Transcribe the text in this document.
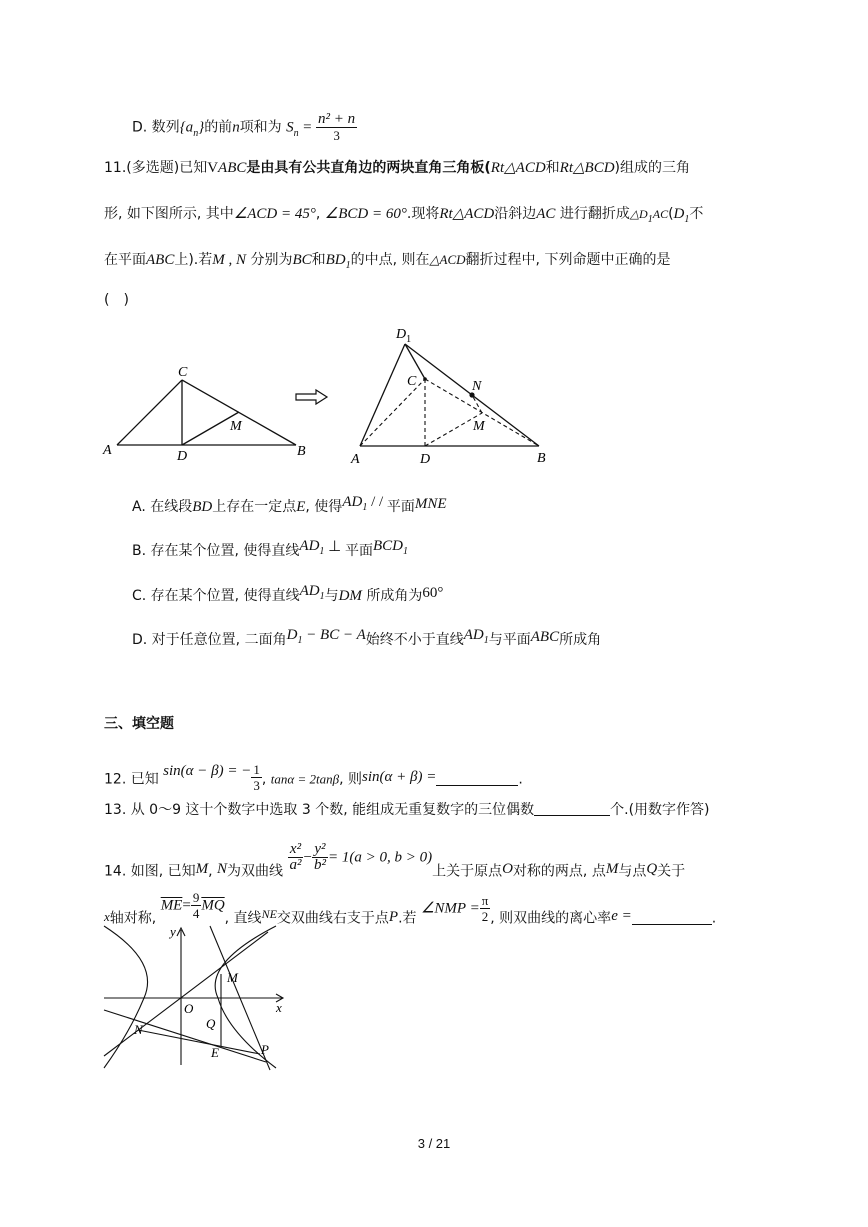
D. 数列$\{a_n\}$的前n项和为 $S_n = \frac{\text{n² + n}}{3}$
11.(多选题)已知VABC是由具有公共直角边的两块直角三角板(Rt△ACD和Rt△BCD)组成的三角
形, 如下图所示, 其中∠ACD = 45°, ∠BCD = 60°.现将Rt△ACD沿斜边AC 进行翻折成$\triangle D_1AC(D_1$不
在平面ABC上).若M , N 分别为BC和$BD_1$的中点, 则在△ACD翻折过程中, 下列命题中正确的是
(　)
A
C
D	B
M
$D_1$
C	N
M
A	D	B
A. 在线段BD上存在一定点E, 使得AD1 / / 平面MNE
B. 存在某个位置, 使得直线AD1 ⊥ 平面BCD1
C. 存在某个位置, 使得直线AD1与DM 所成角为60°
D. 对于任意位置, 二面角D1 − BC − A始终不小于直线AD1与平面ABC所成角
三、填空题
12. 已知 sin(α − β) = − $\frac{1}{3}$ , tanα = 2tanβ, 则sin(α + β) =	.
13. 从 0～9 这十个数字中选取 3 个数, 能组成无重复数字的三位偶数	个.(用数字作答)
14. 如图, 已知M, N为双曲线 $\frac{\text{x²}}{\text{a²}} - \frac{\text{y²}}{\text{b²}} = 1(a > 0$, b > 0)上关于原点O对称的两点, 点M与点Q关于
x轴对称, $\overline{ME}= \frac{9}{4} \overline{MQ}$, 直线NE交双曲线右支于点P.若 ∠NMP = $\frac{\pi}{2}$ , 则双曲线的离心率e =	.
y
x
O
M
N	Q
E	P
3 / 21
